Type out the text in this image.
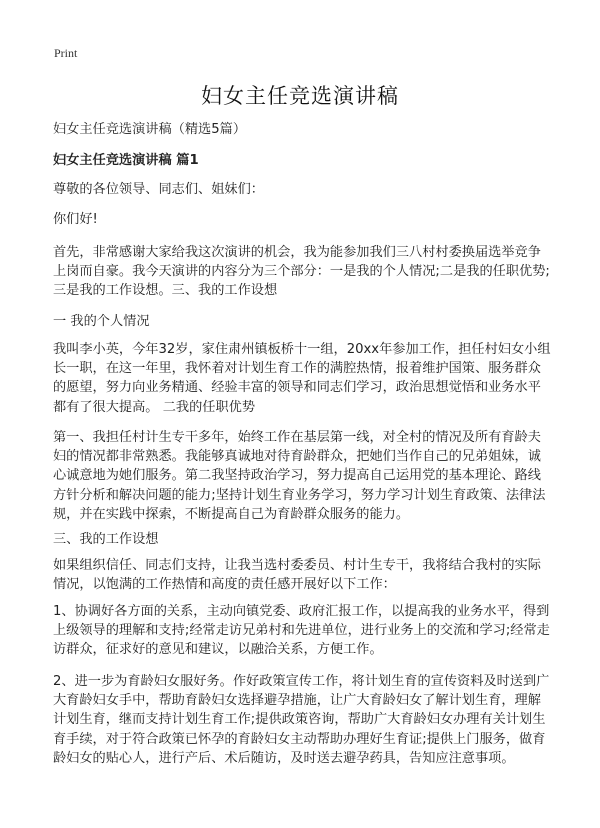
Print
妇女主任竞选演讲稿
妇女主任竞选演讲稿（精选5篇）
妇女主任竞选演讲稿 篇1
尊敬的各位领导、同志们、姐妹们：
你们好!
首先，非常感谢大家给我这次演讲的机会，我为能参加我们三八村村委换届选举竞争上岗而自豪。我今天演讲的内容分为三个部分：一是我的个人情况;二是我的任职优势;三是我的工作设想。三、我的工作设想
一 我的个人情况
我叫李小英，今年32岁，家住肃州镇板桥十一组，20xx年参加工作，担任村妇女小组长一职，在这一年里，我怀着对计划生育工作的满腔热情，报着维护国策、服务群众的愿望，努力向业务精通、经验丰富的领导和同志们学习，政治思想觉悟和业务水平都有了很大提高。 二我的任职优势
第一、我担任村计生专干多年，始终工作在基层第一线，对全村的情况及所有育龄夫妇的情况都非常熟悉。我能够真诚地对待育龄群众，把她们当作自己的兄弟姐妹，诚心诚意地为她们服务。第二我坚持政治学习，努力提高自己运用党的基本理论、路线方针分析和解决问题的能力;坚持计划生育业务学习，努力学习计划生育政策、法律法规，并在实践中探索，不断提高自己为育龄群众服务的能力。
三、我的工作设想
如果组织信任、同志们支持，让我当选村委委员、村计生专干，我将结合我村的实际情况，以饱满的工作热情和高度的责任感开展好以下工作：
1、协调好各方面的关系，主动向镇党委、政府汇报工作，以提高我的业务水平，得到上级领导的理解和支持;经常走访兄弟村和先进单位，进行业务上的交流和学习;经常走访群众，征求好的意见和建议，以融洽关系，方便工作。
2、进一步为育龄妇女服好务。作好政策宣传工作，将计划生育的宣传资料及时送到广大育龄妇女手中，帮助育龄妇女选择避孕措施，让广大育龄妇女了解计划生育，理解计划生育，继而支持计划生育工作;提供政策咨询，帮助广大育龄妇女办理有关计划生育手续，对于符合政策已怀孕的育龄妇女主动帮助办理好生育证;提供上门服务，做育龄妇女的贴心人，进行产后、术后随访，及时送去避孕药具，告知应注意事项。
